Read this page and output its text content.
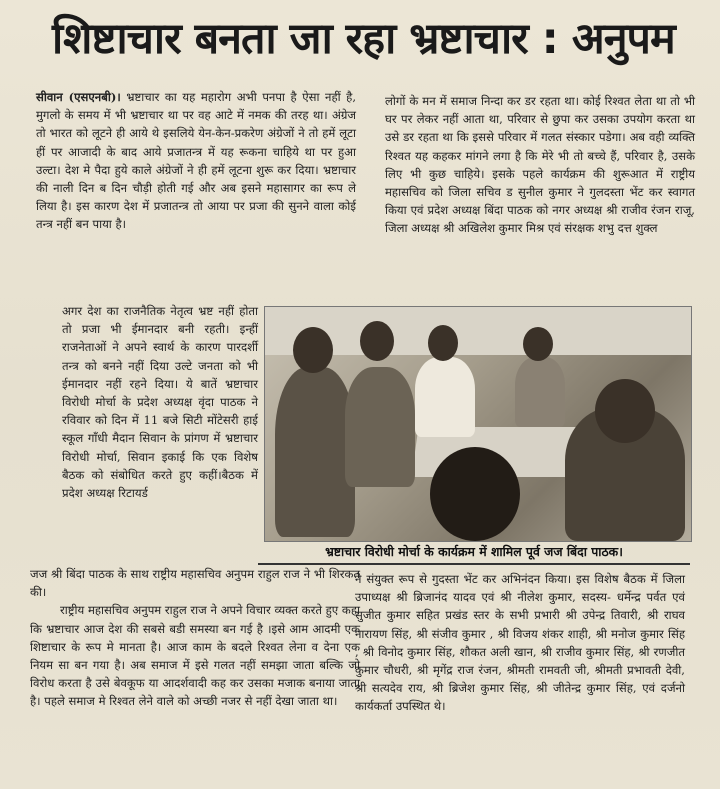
शिष्टाचार बनता जा रहा भ्रष्टाचार : अनुपम

सीवान (एसएनबी)। भ्रष्टाचार का यह महारोग अभी पनपा है ऐसा नहीं है, मुगलो के समय में भी भ्रष्टाचार था पर वह आटे में नमक की तरह था। अंग्रेज तो भारत को लूटने ही आये थे इसलिये येन-केन-प्रकरेण अंग्रेजों ने तो हमें लूटा हीं पर आजादी के बाद आये प्रजातन्त्र में यह रूकना चाहिये था पर हुआ उल्टा। देश मे पैदा हुये काले अंग्रेजों ने ही हमें लूटना शुरू कर दिया। भ्रष्टाचार की नाली दिन ब दिन चौड़ी होती गई और अब इसने महासागर का रूप ले लिया है। इस कारण देश में प्रजातन्त्र तो आया पर प्रजा की सुनने वाला कोई तन्त्र नहीं बन पाया है।

लोगों के मन में समाज निन्दा कर डर रहता था। कोई रिश्वत लेता था तो भी घर पर लेकर नहीं आता था, परिवार से छुपा कर उसका उपयोग करता था उसे डर रहता था कि इससे परिवार में गलत संस्कार पडेगा। अब वही व्यक्ति रिश्वत यह कहकर मांगने लगा है कि मेरे भी तो बच्चे हैं, परिवार है, उसके लिए भी कुछ चाहिये। इसके पहले कार्यक्रम की शुरूआत में राष्ट्रीय महासचिव को जिला सचिव ड सुनील कुमार ने गुलदस्ता भेंट कर स्वागत किया एवं प्रदेश अध्यक्ष बिंदा पाठक को नगर अध्यक्ष श्री राजीव रंजन राजू, जिला अध्यक्ष श्री अखिलेश कुमार मिश्र एवं संरक्षक शभु दत्त शुक्ल

अगर देश का राजनैतिक नेतृत्व भ्रष्ट नहीं होता तो प्रजा भी ईमानदार बनी रहती। इन्हीं राजनेताओं ने अपने स्वार्थ के कारण पारदर्शी तन्त्र को बनने नहीं दिया उल्टे जनता को भी ईमानदार नहीं रहने दिया। ये बातें भ्रष्टाचार विरोधी मोर्चा के प्रदेश अध्यक्ष वृंदा पाठक ने रविवार को दिन में 11 बजे सिटी मोंटेसरी हाई स्कूल गाँधी मैदान सिवान के प्रांगण में भ्रष्टाचार विरोधी मोर्चा, सिवान इकाई कि एक विशेष बैठक को संबोधित करते हुए कहीं।बैठक में प्रदेश अध्यक्ष रिटायर्ड

भ्रष्टाचार विरोधी मोर्चा के कार्यक्रम में शामिल पूर्व जज बिंदा पाठक।

जज श्री बिंदा पाठक के साथ राष्ट्रीय महासचिव अनुपम राहुल राज ने भी शिरकत की।

राष्ट्रीय महासचिव अनुपम राहुल राज ने अपने विचार व्यक्त करते हुए कहा कि भ्रष्टाचार आज देश की सबसे बडी समस्या बन गई है ।इसे आम आदमी एक शिष्टाचार के रूप मे मानता है। आज काम के बदले रिश्वत लेना व देना एक नियम सा बन गया है। अब समाज में इसे गलत नहीं समझा जाता बल्कि जो विरोध करता है उसे बेवकूफ या आदर्शवादी कह कर उसका मजाक बनाया जाता है। पहले समाज मे रिश्वत लेने वाले को अच्छी नजर से नहीं देखा जाता था।

ने संयुक्त रूप से गुदस्ता भेंट कर अभिनंदन किया। इस विशेष बैठक में जिला उपाध्यक्ष श्री ब्रिजानंद यादव एवं श्री नीलेश कुमार, सदस्य- धर्मेन्द्र पर्वत एवं सुजीत कुमार सहित प्रखंड स्तर के सभी प्रभारी श्री उपेन्द्र तिवारी, श्री राघव नारायण सिंह, श्री संजीव कुमार , श्री विजय शंकर शाही, श्री मनोज कुमार सिंह , श्री विनोद कुमार सिंह, शौकत अली खान, श्री राजीव कुमार सिंह, श्री रणजीत कुमार चौधरी, श्री मृगेंद्र राज रंजन, श्रीमती रामवती जी, श्रीमती प्रभावती देवी, श्री सत्यदेव राय, श्री ब्रिजेश कुमार सिंह, श्री जीतेन्द्र कुमार सिंह, एवं दर्जनो कार्यकर्ता उपस्थित थे।
